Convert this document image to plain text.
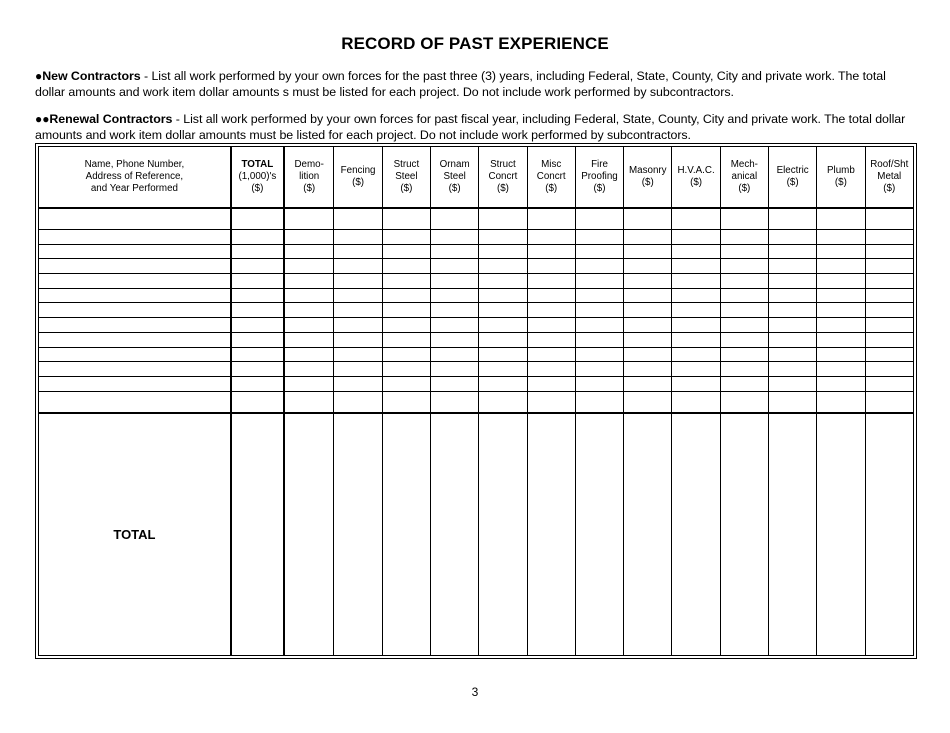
RECORD OF PAST EXPERIENCE
●New Contractors - List all work performed by your own forces for the past three (3) years, including Federal, State, County, City and private work. The total dollar amounts and work item dollar amounts s must be listed for each project. Do not include work performed by subcontractors.
●●Renewal Contractors - List all work performed by your own forces for past fiscal year, including Federal, State, County, City and private work. The total dollar amounts and work item dollar amounts must be listed for each project. Do not include work performed by subcontractors.
Name, Phone Number,
Address of Reference,
and Year Performed	TOTAL
(1,000)'s
($)	Demo-
lition
($)	Fencing
($)	Struct
Steel
($)	Ornam
Steel
($)	Struct
Concrt
($)	Misc
Concrt
($)	Fire
Proofing
($)	Masonry
($)	H.V.A.C.
($)	Mech-
anical
($)	Electric
($)	Plumb
($)	Roof/Sht
Metal
($)

TOTAL														
3
